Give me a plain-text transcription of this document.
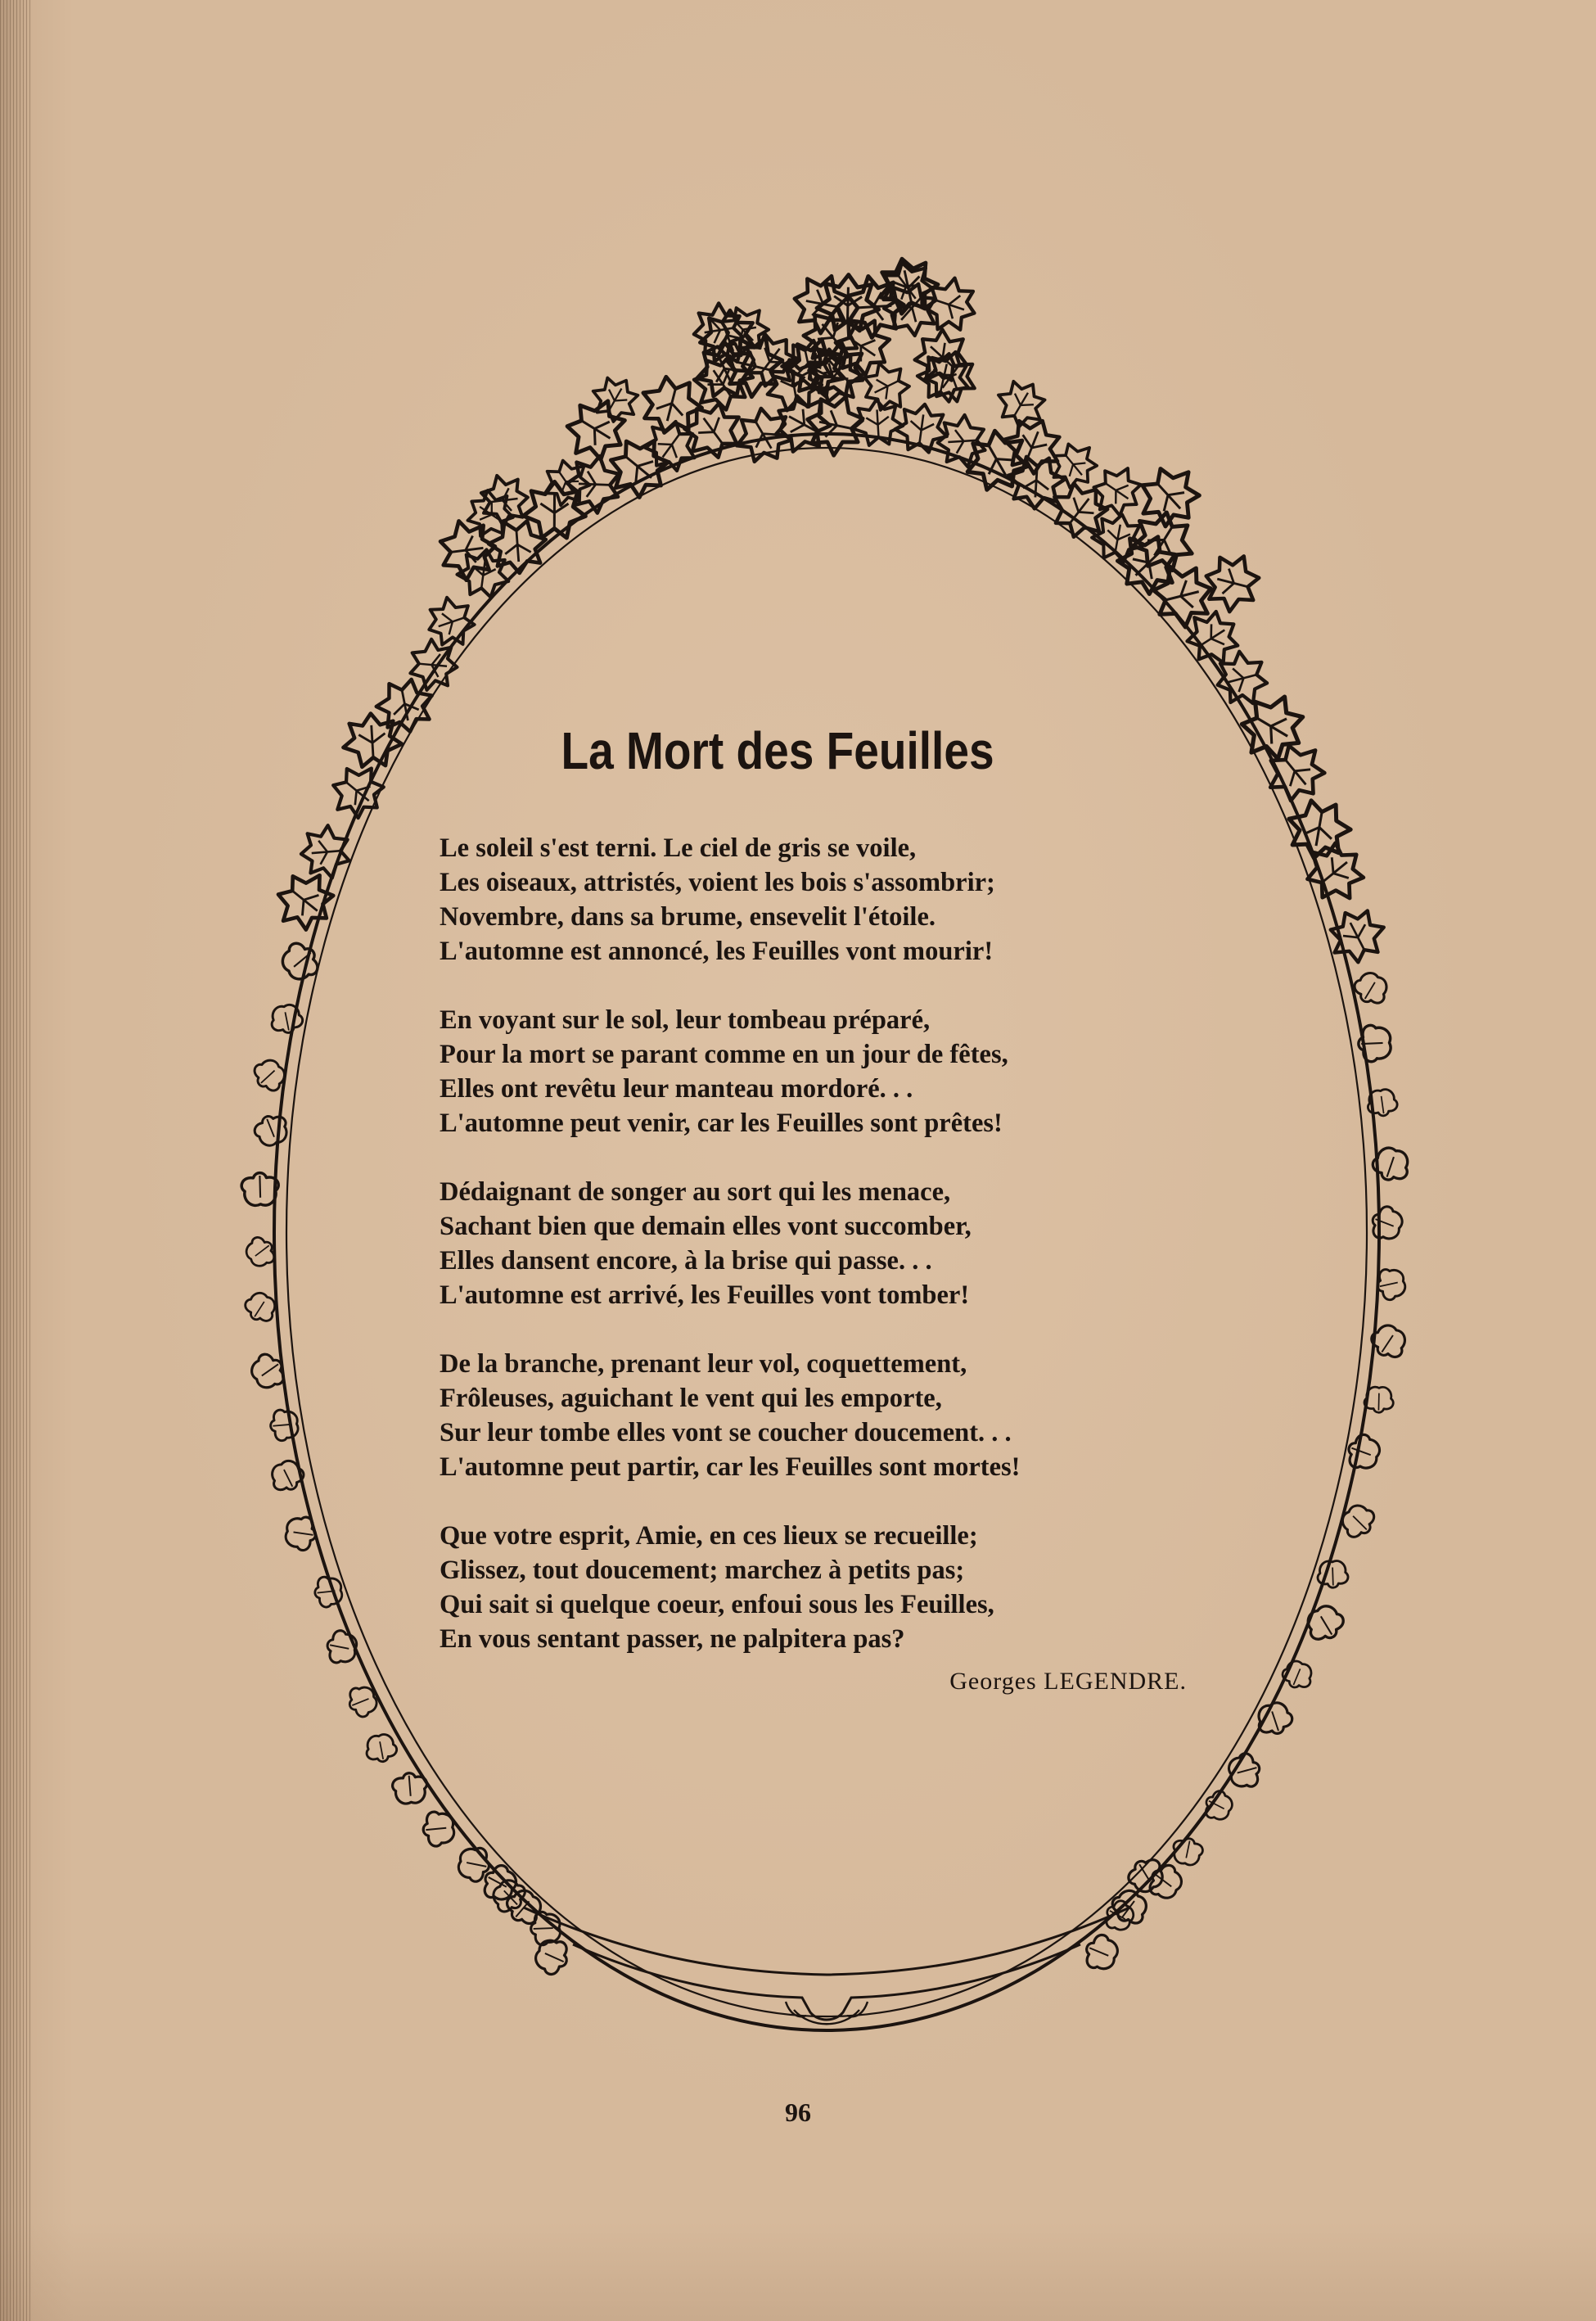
La Mort des Feuilles
Le soleil s'est terni. Le ciel de gris se voile,
Les oiseaux, attristés, voient les bois s'assombrir;
Novembre, dans sa brume, ensevelit l'étoile.
L'automne est annoncé, les Feuilles vont mourir!
En voyant sur le sol, leur tombeau préparé,
Pour la mort se parant comme en un jour de fêtes,
Elles ont revêtu leur manteau mordoré. . .
L'automne peut venir, car les Feuilles sont prêtes!
Dédaignant de songer au sort qui les menace,
Sachant bien que demain elles vont succomber,
Elles dansent encore, à la brise qui passe. . .
L'automne est arrivé, les Feuilles vont tomber!
De la branche, prenant leur vol, coquettement,
Frôleuses, aguichant le vent qui les emporte,
Sur leur tombe elles vont se coucher doucement. . .
L'automne peut partir, car les Feuilles sont mortes!
Que votre esprit, Amie, en ces lieux se recueille;
Glissez, tout doucement; marchez à petits pas;
Qui sait si quelque coeur, enfoui sous les Feuilles,
En vous sentant passer, ne palpitera pas?
Georges LEGENDRE.
96
